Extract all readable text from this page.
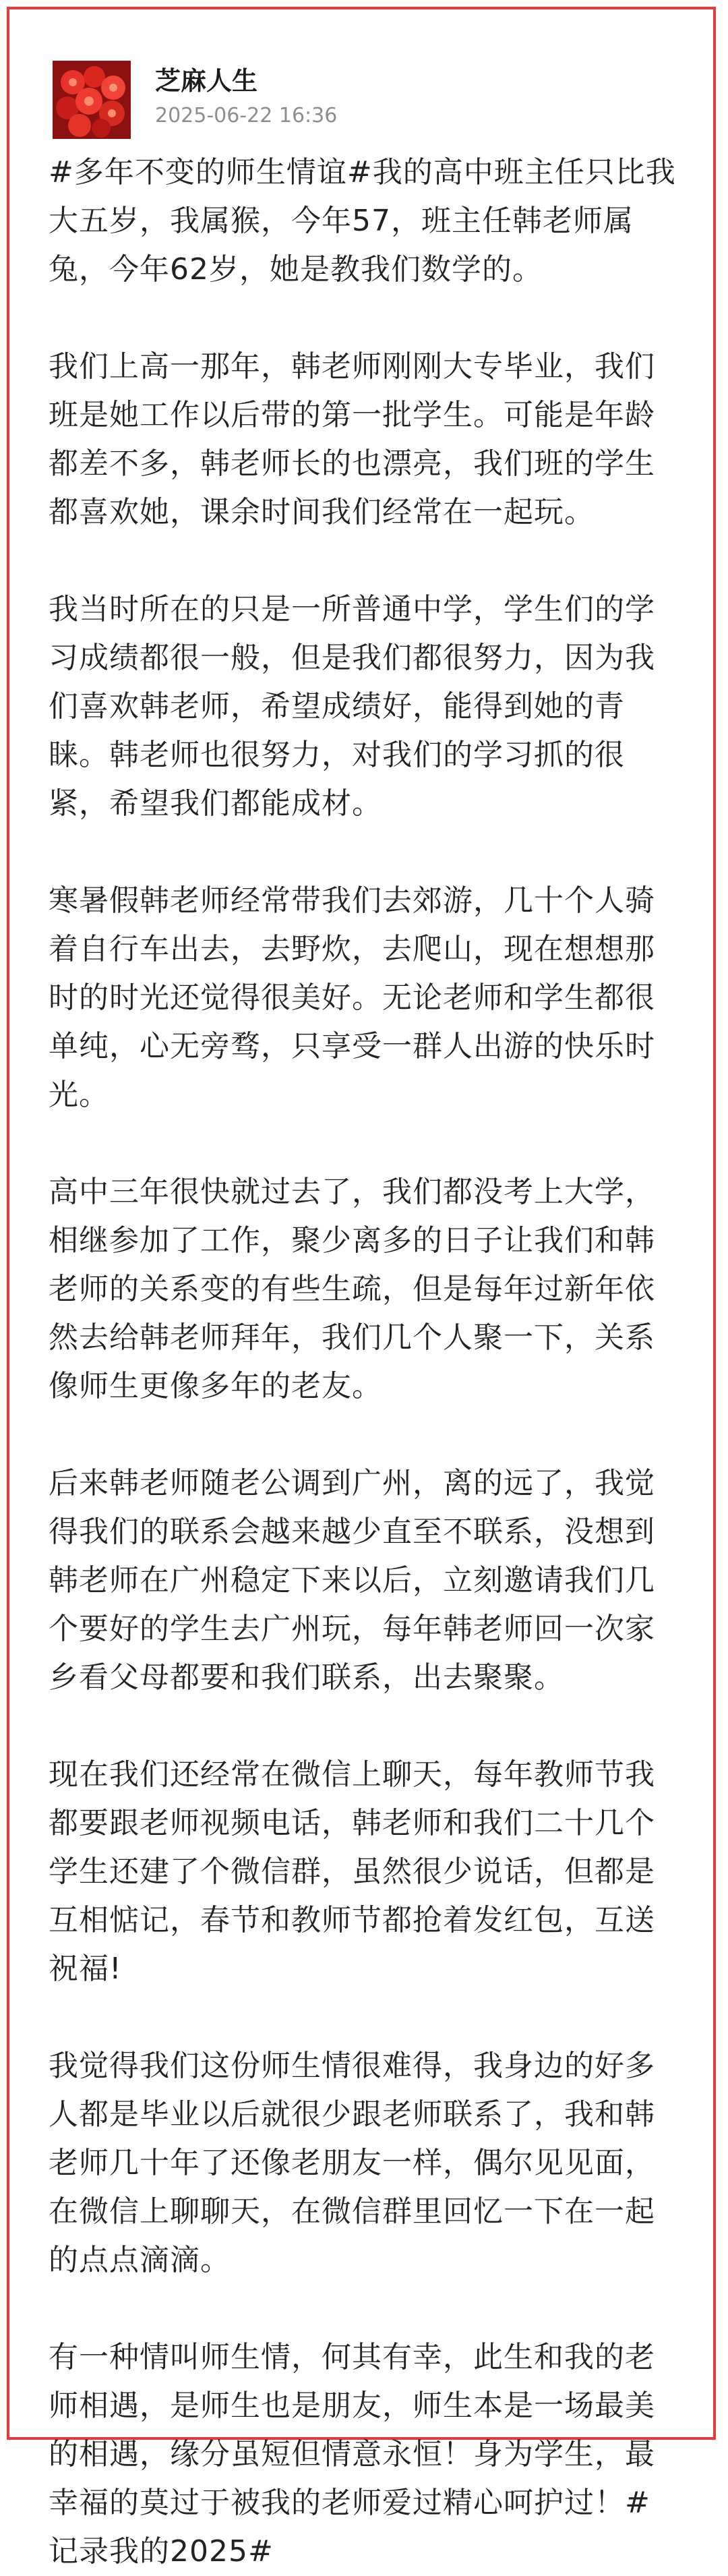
芝麻人生
2025-06-22 16:36

#多年不变的师生情谊#我的高中班主任只比我大五岁，我属猴，今年57，班主任韩老师属兔，今年62岁，她是教我们数学的。

我们上高一那年，韩老师刚刚大专毕业，我们班是她工作以后带的第一批学生。可能是年龄都差不多，韩老师长的也漂亮，我们班的学生都喜欢她，课余时间我们经常在一起玩。

我当时所在的只是一所普通中学，学生们的学习成绩都很一般，但是我们都很努力，因为我们喜欢韩老师，希望成绩好，能得到她的青睐。韩老师也很努力，对我们的学习抓的很紧，希望我们都能成材。

寒暑假韩老师经常带我们去郊游，几十个人骑着自行车出去，去野炊，去爬山，现在想想那时的时光还觉得很美好。无论老师和学生都很单纯，心无旁骛，只享受一群人出游的快乐时光。

高中三年很快就过去了，我们都没考上大学，相继参加了工作，聚少离多的日子让我们和韩老师的关系变的有些生疏，但是每年过新年依然去给韩老师拜年，我们几个人聚一下，关系像师生更像多年的老友。

后来韩老师随老公调到广州，离的远了，我觉得我们的联系会越来越少直至不联系，没想到韩老师在广州稳定下来以后，立刻邀请我们几个要好的学生去广州玩，每年韩老师回一次家乡看父母都要和我们联系，出去聚聚。

现在我们还经常在微信上聊天，每年教师节我都要跟老师视频电话，韩老师和我们二十几个学生还建了个微信群，虽然很少说话，但都是互相惦记，春节和教师节都抢着发红包，互送祝福!

我觉得我们这份师生情很难得，我身边的好多人都是毕业以后就很少跟老师联系了，我和韩老师几十年了还像老朋友一样，偶尔见见面，在微信上聊聊天，在微信群里回忆一下在一起的点点滴滴。

有一种情叫师生情，何其有幸，此生和我的老师相遇，是师生也是朋友，师生本是一场最美的相遇，缘分虽短但情意永恒！身为学生，最幸福的莫过于被我的老师爱过精心呵护过！#记录我的2025#
